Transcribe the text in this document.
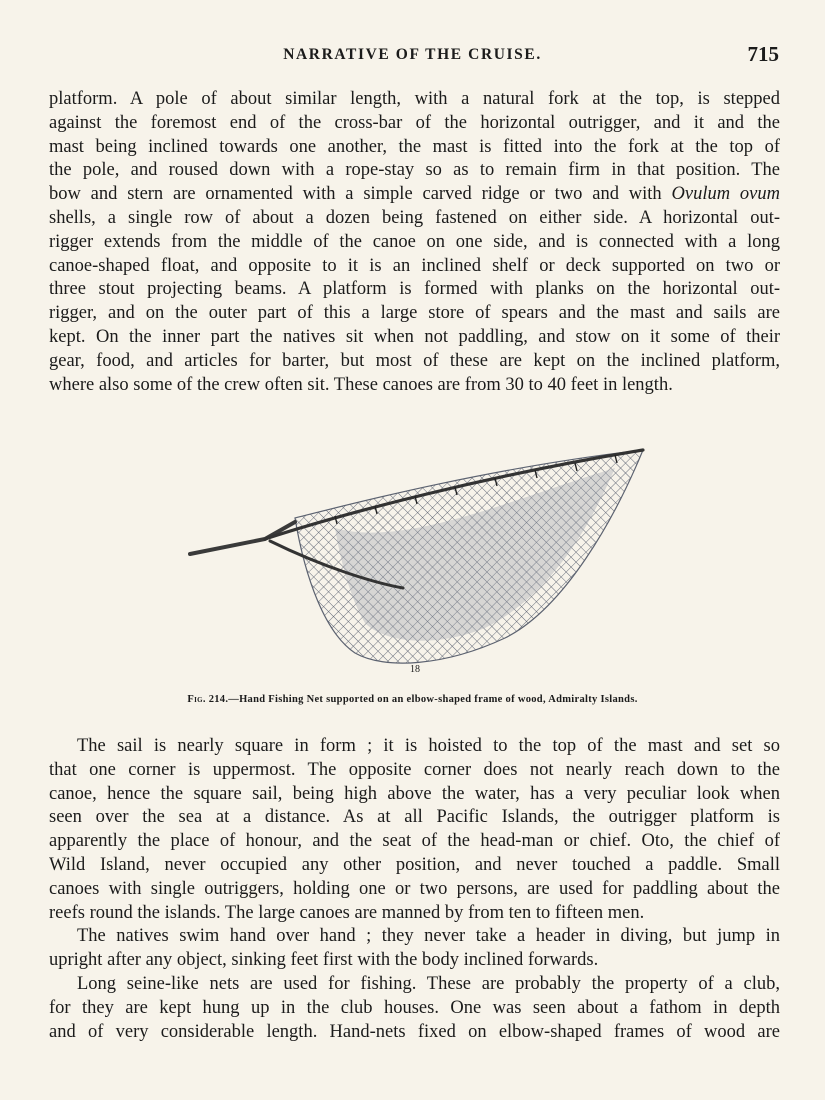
NARRATIVE OF THE CRUISE.	715
platform. A pole of about similar length, with a natural fork at the top, is stepped
against the foremost end of the cross-bar of the horizontal outrigger, and it and the
mast being inclined towards one another, the mast is fitted into the fork at the top of
the pole, and roused down with a rope-stay so as to remain firm in that position. The
bow and stern are ornamented with a simple carved ridge or two and with Ovulum ovum
shells, a single row of about a dozen being fastened on either side. A horizontal out-
rigger extends from the middle of the canoe on one side, and is connected with a long
canoe-shaped float, and opposite to it is an inclined shelf or deck supported on two or
three stout projecting beams. A platform is formed with planks on the horizontal out-
rigger, and on the outer part of this a large store of spears and the mast and sails are
kept. On the inner part the natives sit when not paddling, and stow on it some of their
gear, food, and articles for barter, but most of these are kept on the inclined platform,
where also some of the crew often sit. These canoes are from 30 to 40 feet in length.
18
Fig. 214.—Hand Fishing Net supported on an elbow-shaped frame of wood, Admiralty Islands.
The sail is nearly square in form ; it is hoisted to the top of the mast and set so
that one corner is uppermost. The opposite corner does not nearly reach down to the
canoe, hence the square sail, being high above the water, has a very peculiar look when
seen over the sea at a distance. As at all Pacific Islands, the outrigger platform is
apparently the place of honour, and the seat of the head-man or chief. Oto, the chief of
Wild Island, never occupied any other position, and never touched a paddle. Small
canoes with single outriggers, holding one or two persons, are used for paddling about the
reefs round the islands. The large canoes are manned by from ten to fifteen men.
The natives swim hand over hand ; they never take a header in diving, but jump in
upright after any object, sinking feet first with the body inclined forwards.
Long seine-like nets are used for fishing. These are probably the property of a club,
for they are kept hung up in the club houses. One was seen about a fathom in depth
and of very considerable length. Hand-nets fixed on elbow-shaped frames of wood are
